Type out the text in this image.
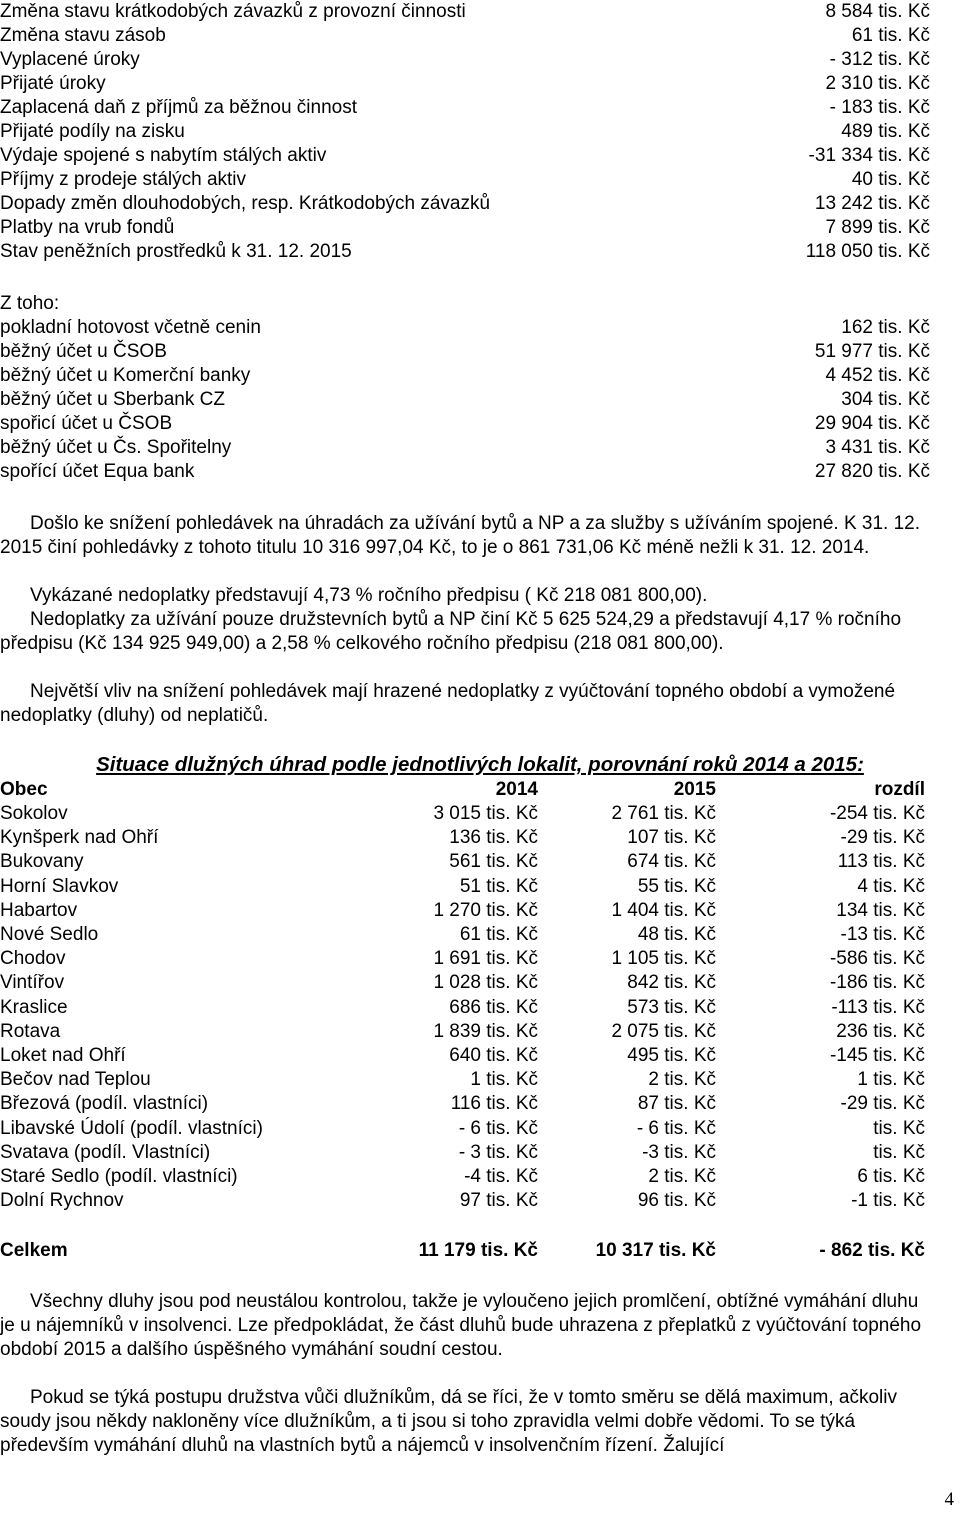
Změna stavu krátkodobých závazků z provozní činnosti	8 584 tis. Kč
Změna stavu zásob	61 tis. Kč
Vyplacené úroky	- 312 tis. Kč
Přijaté úroky	2 310 tis. Kč
Zaplacená daň z příjmů za běžnou činnost	- 183 tis. Kč
Přijaté podíly na zisku	489 tis. Kč
Výdaje spojené s nabytím stálých aktiv	-31 334 tis. Kč
Příjmy z prodeje stálých aktiv	40 tis. Kč
Dopady změn dlouhodobých, resp. Krátkodobých závazků	13 242 tis. Kč
Platby na vrub fondů	7 899 tis. Kč
Stav peněžních prostředků k 31. 12. 2015	118 050 tis. Kč
Z toho:
pokladní hotovost včetně cenin	162 tis. Kč
běžný účet u ČSOB	51 977 tis. Kč
běžný účet u Komerční banky	4 452 tis. Kč
běžný účet u Sberbank CZ	304 tis. Kč
spořicí účet u ČSOB	29 904 tis. Kč
běžný účet u Čs. Spořitelny	3 431 tis. Kč
spořící účet Equa bank	27 820 tis. Kč
Došlo ke snížení pohledávek na úhradách za užívání bytů a NP a za služby s užíváním spojené. K 31. 12. 2015 činí pohledávky z tohoto titulu 10 316 997,04 Kč, to je o 861 731,06 Kč méně nežli k 31. 12. 2014.
Vykázané nedoplatky představují 4,73 % ročního předpisu ( Kč 218 081 800,00).
Nedoplatky za užívání pouze družstevních bytů a NP činí Kč 5 625 524,29 a představují 4,17 % ročního předpisu (Kč 134 925 949,00) a 2,58 % celkového ročního předpisu (218 081 800,00).
Největší vliv na snížení pohledávek mají hrazené nedoplatky z vyúčtování topného období a vymožené nedoplatky (dluhy) od neplatičů.
Situace dlužných úhrad podle jednotlivých lokalit, porovnání roků 2014 a 2015:
Obec	2014	2015	rozdíl
Sokolov	3 015 tis. Kč	2 761 tis. Kč	-254 tis. Kč
Kynšperk nad Ohří	136 tis. Kč	107 tis. Kč	-29 tis. Kč
Bukovany	561 tis. Kč	674 tis. Kč	113 tis. Kč
Horní Slavkov	51 tis. Kč	55 tis. Kč	4 tis. Kč
Habartov	1 270 tis. Kč	1 404 tis. Kč	134 tis. Kč
Nové Sedlo	61 tis. Kč	48 tis. Kč	-13 tis. Kč
Chodov	1 691 tis. Kč	1 105 tis. Kč	-586 tis. Kč
Vintířov	1 028 tis. Kč	842 tis. Kč	-186 tis. Kč
Kraslice	686 tis. Kč	573 tis. Kč	-113 tis. Kč
Rotava	1 839 tis. Kč	2 075 tis. Kč	236 tis. Kč
Loket nad Ohří	640 tis. Kč	495 tis. Kč	-145 tis. Kč
Bečov nad Teplou	1 tis. Kč	2 tis. Kč	1 tis. Kč
Březová (podíl. vlastníci)	116 tis. Kč	87 tis. Kč	-29 tis. Kč
Libavské Údolí (podíl. vlastníci)	- 6 tis. Kč	- 6 tis. Kč	tis. Kč
Svatava (podíl. Vlastníci)	- 3 tis. Kč	-3 tis. Kč	tis. Kč
Staré Sedlo (podíl. vlastníci)	-4 tis. Kč	2 tis. Kč	6 tis. Kč
Dolní Rychnov	97 tis. Kč	96 tis. Kč	-1 tis. Kč
Celkem	11 179 tis. Kč	10 317 tis. Kč	- 862 tis. Kč
Všechny dluhy jsou pod neustálou kontrolou, takže je vyloučeno jejich promlčení, obtížné vymáhání dluhu je u nájemníků v insolvenci. Lze předpokládat, že část dluhů bude uhrazena z přeplatků z vyúčtování topného období 2015 a dalšího úspěšného vymáhání soudní cestou.
Pokud se týká postupu družstva vůči dlužníkům, dá se říci, že v tomto směru se dělá maximum, ačkoliv soudy jsou někdy nakloněny více dlužníkům, a ti jsou si toho zpravidla velmi dobře vědomi. To se týká především vymáhání dluhů na vlastních bytů a nájemců v insolvenčním řízení. Žalující
4
